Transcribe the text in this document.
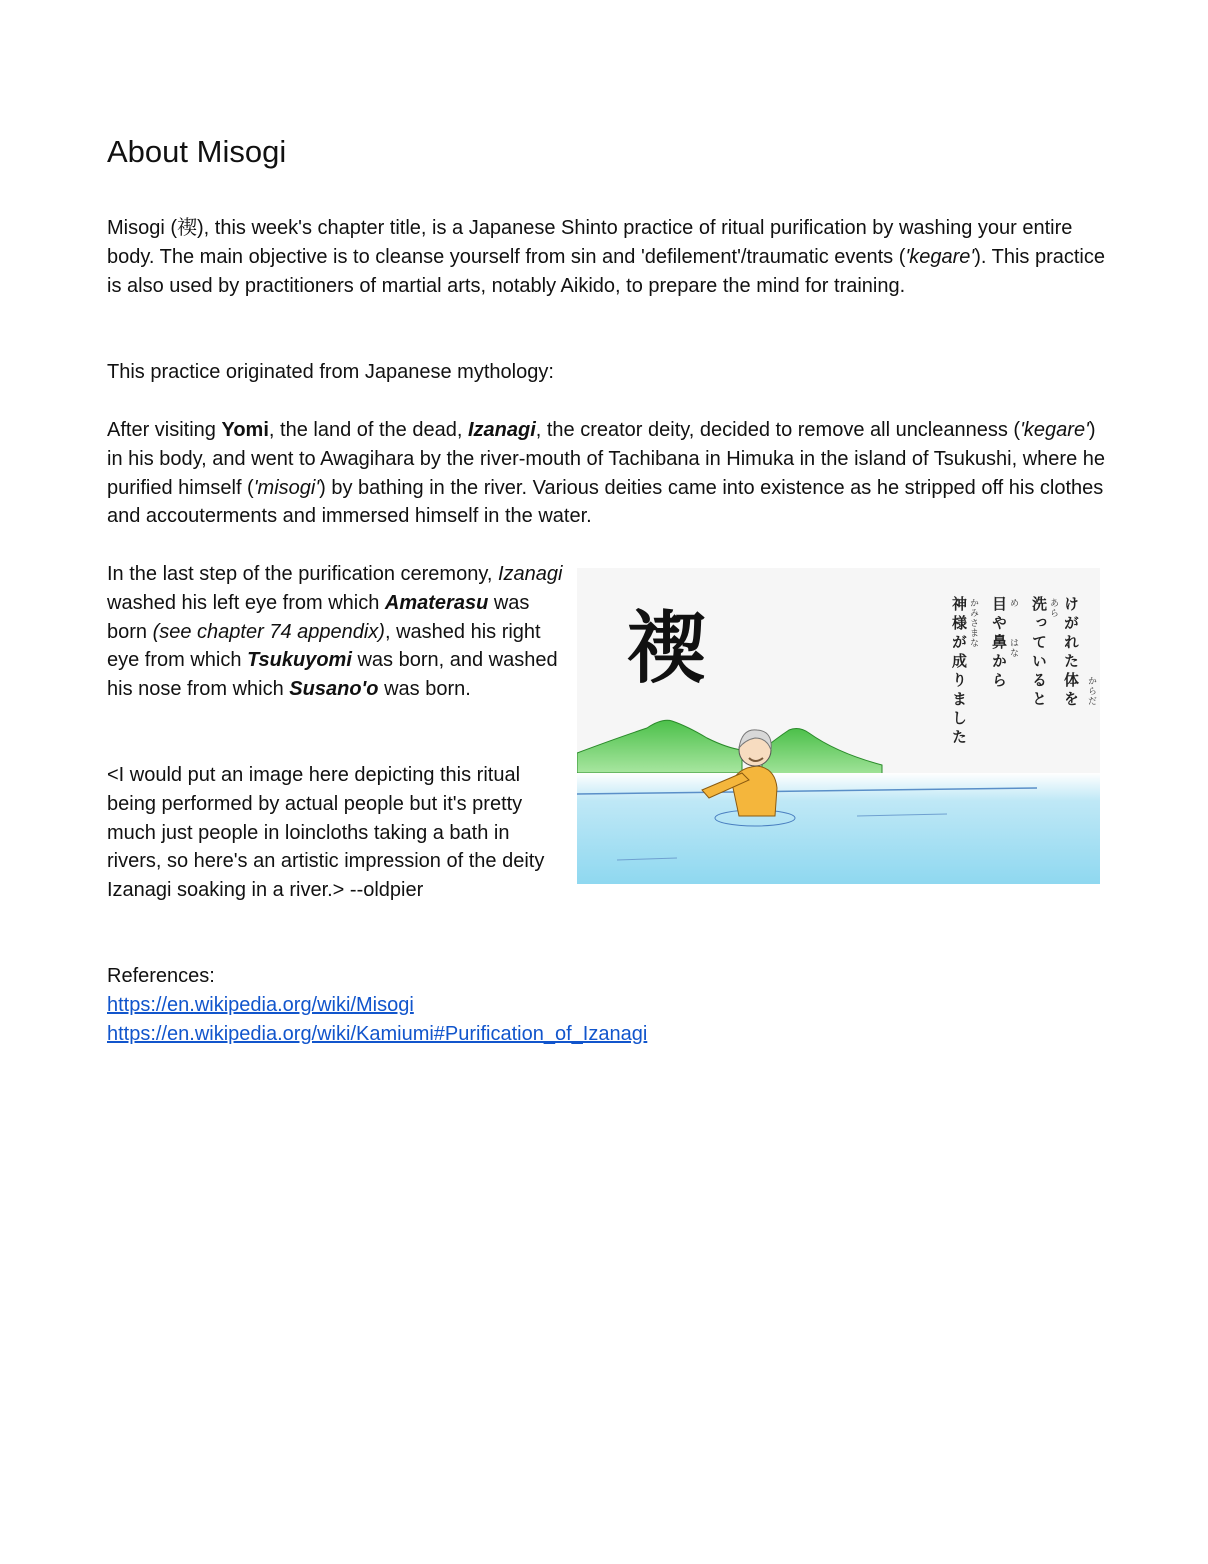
About Misogi

Misogi (禊), this week's chapter title, is a Japanese Shinto practice of ritual purification by washing your entire body. The main objective is to cleanse yourself from sin and 'defilement'/traumatic events ('kegare'). This practice is also used by practitioners of martial arts, notably Aikido, to prepare the mind for training.

This practice originated from Japanese mythology:

After visiting Yomi, the land of the dead, Izanagi, the creator deity, decided to remove all uncleanness ('kegare') in his body, and went to Awagihara by the river-mouth of Tachibana in Himuka in the island of Tsukushi, where he purified himself ('misogi') by bathing in the river. Various deities came into existence as he stripped off his clothes and accouterments and immersed himself in the water.

In the last step of the purification ceremony, Izanagi washed his left eye from which Amaterasu was born (see chapter 74 appendix), washed his right eye from which Tsukuyomi was born, and washed his nose from which Susano'o was born.

<I would put an image here depicting this ritual being performed by actual people but it's pretty much just people in loincloths taking a bath in rivers, so here's an artistic impression of the deity Izanagi soaking in a river.> --oldpier

禊	けがれた体を
洗っていると
目や鼻から
神様が成りました	からだ
あら
め
はな
かみさまな

References:

https://en.wikipedia.org/wiki/Misogi
https://en.wikipedia.org/wiki/Kamiumi#Purification_of_Izanagi
